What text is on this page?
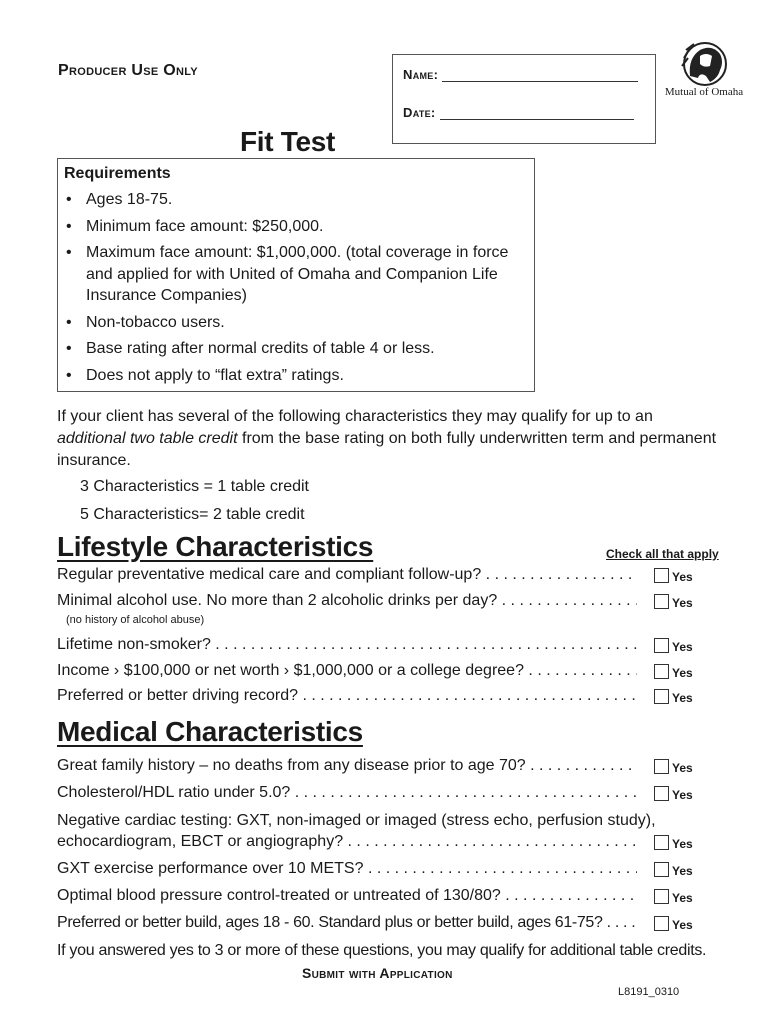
Producer Use Only	Name:
Date:
Mutual of Omaha
Fit Test
Requirements
• Ages 18-75.
• Minimum face amount: $250,000.
• Maximum face amount: $1,000,000. (total coverage in force and applied for with United of Omaha and Companion Life Insurance Companies)
• Non-tobacco users.
• Base rating after normal credits of table 4 or less.
• Does not apply to “flat extra” ratings.
If your client has several of the following characteristics they may qualify for up to an additional two table credit from the base rating on both fully underwritten term and permanent insurance.
3 Characteristics = 1 table credit
5 Characteristics= 2 table credit
Lifestyle Characteristics	Check all that apply
Regular preventative medical care and compliant follow-up? . . .	Yes
Minimal alcohol use. No more than 2 alcoholic drinks per day? . . .	Yes
(no history of alcohol abuse)
Lifetime non-smoker? . . .	Yes
Income › $100,000 or net worth › $1,000,000 or a college degree? . . .	Yes
Preferred or better driving record? . . .	Yes
Medical Characteristics
Great family history – no deaths from any disease prior to age 70? . . .	Yes
Cholesterol/HDL ratio under 5.0? . . .	Yes
Negative cardiac testing: GXT, non-imaged or imaged (stress echo, perfusion study),
echocardiogram, EBCT or angiography? . . .	Yes
GXT exercise performance over 10 METS? . . .	Yes
Optimal blood pressure control-treated or untreated of 130/80? . . .	Yes
Preferred or better build, ages 18 - 60. Standard plus or better build, ages 61-75? . . .	Yes
If you answered yes to 3 or more of these questions, you may qualify for additional table credits.
Submit with Application
L8191_0310
